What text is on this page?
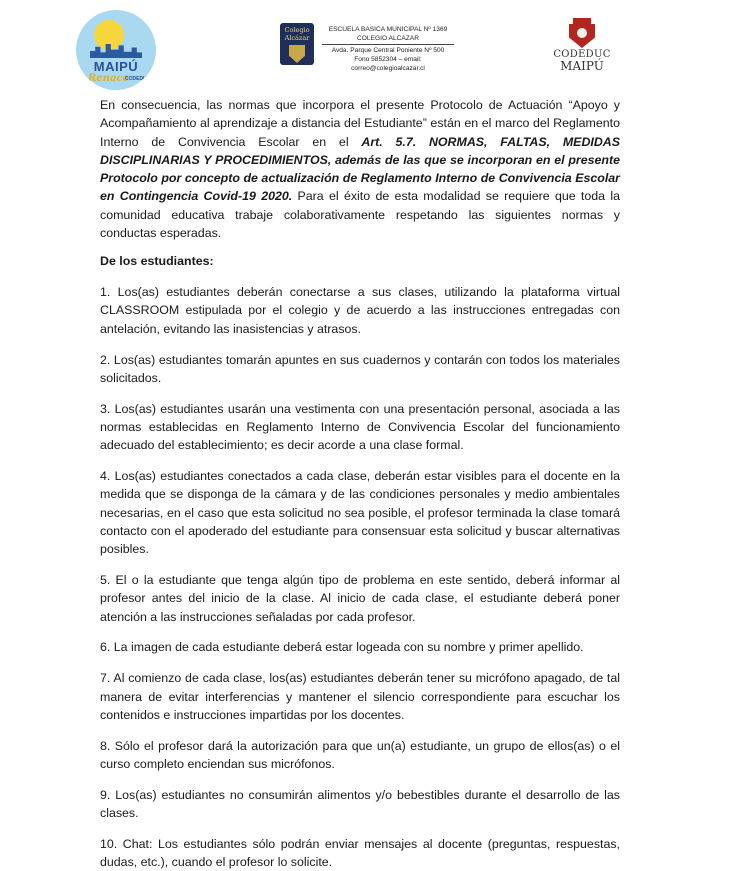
MAIPÚ
Renace
CODEDUC
Colegio
Alcázar
ESCUELA BASICA MUNICIPAL Nº 1369
COLEGIO ALCAZAR
Avda. Parque Central Poniente Nº 500
Fono 5852304 – email: correo@colegioalcazar.cl
CODEDUC
MAIPÚ

En consecuencia, las normas que incorpora el presente Protocolo de Actuación “Apoyo y Acompañamiento al aprendizaje a distancia del Estudiante” están en el marco del Reglamento Interno de Convivencia Escolar en el Art. 5.7. NORMAS, FALTAS, MEDIDAS DISCIPLINARIAS Y PROCEDIMIENTOS, además de las que se incorporan en el presente Protocolo por concepto de actualización de Reglamento Interno de Convivencia Escolar en Contingencia Covid-19 2020. Para el éxito de esta modalidad se requiere que toda la comunidad educativa trabaje colaborativamente respetando las siguientes normas y conductas esperadas.

De los estudiantes:

1. Los(as) estudiantes deberán conectarse a sus clases, utilizando la plataforma virtual CLASSROOM estipulada por el colegio y de acuerdo a las instrucciones entregadas con antelación, evitando las inasistencias y atrasos.

2. Los(as) estudiantes tomarán apuntes en sus cuadernos y contarán con todos los materiales solicitados.

3. Los(as) estudiantes usarán una vestimenta con una presentación personal, asociada a las normas establecidas en Reglamento Interno de Convivencia Escolar del funcionamiento adecuado del establecimiento; es decir acorde a una clase formal.

4. Los(as) estudiantes conectados a cada clase, deberán estar visibles para el docente en la medida que se disponga de la cámara y de las condiciones personales y medio ambientales necesarias, en el caso que esta solicitud no sea posible, el profesor terminada la clase tomará contacto con el apoderado del estudiante para consensuar esta solicitud y buscar alternativas posibles.

5. El o la estudiante que tenga algún tipo de problema en este sentido, deberá informar al profesor antes del inicio de la clase. Al inicio de cada clase, el estudiante deberá poner atención a las instrucciones señaladas por cada profesor.

6. La imagen de cada estudiante deberá estar logeada con su nombre y primer apellido.

7. Al comienzo de cada clase, los(as) estudiantes deberán tener su micrófono apagado, de tal manera de evitar interferencias y mantener el silencio correspondiente para escuchar los contenidos e instrucciones impartidas por los docentes.

8. Sólo el profesor dará la autorización para que un(a) estudiante, un grupo de ellos(as) o el curso completo enciendan sus micrófonos.

9. Los(as) estudiantes no consumirán alimentos y/o bebestibles durante el desarrollo de las clases.

10. Chat: Los estudiantes sólo podrán enviar mensajes al docente (preguntas, respuestas, dudas, etc.), cuando el profesor lo solicite.
